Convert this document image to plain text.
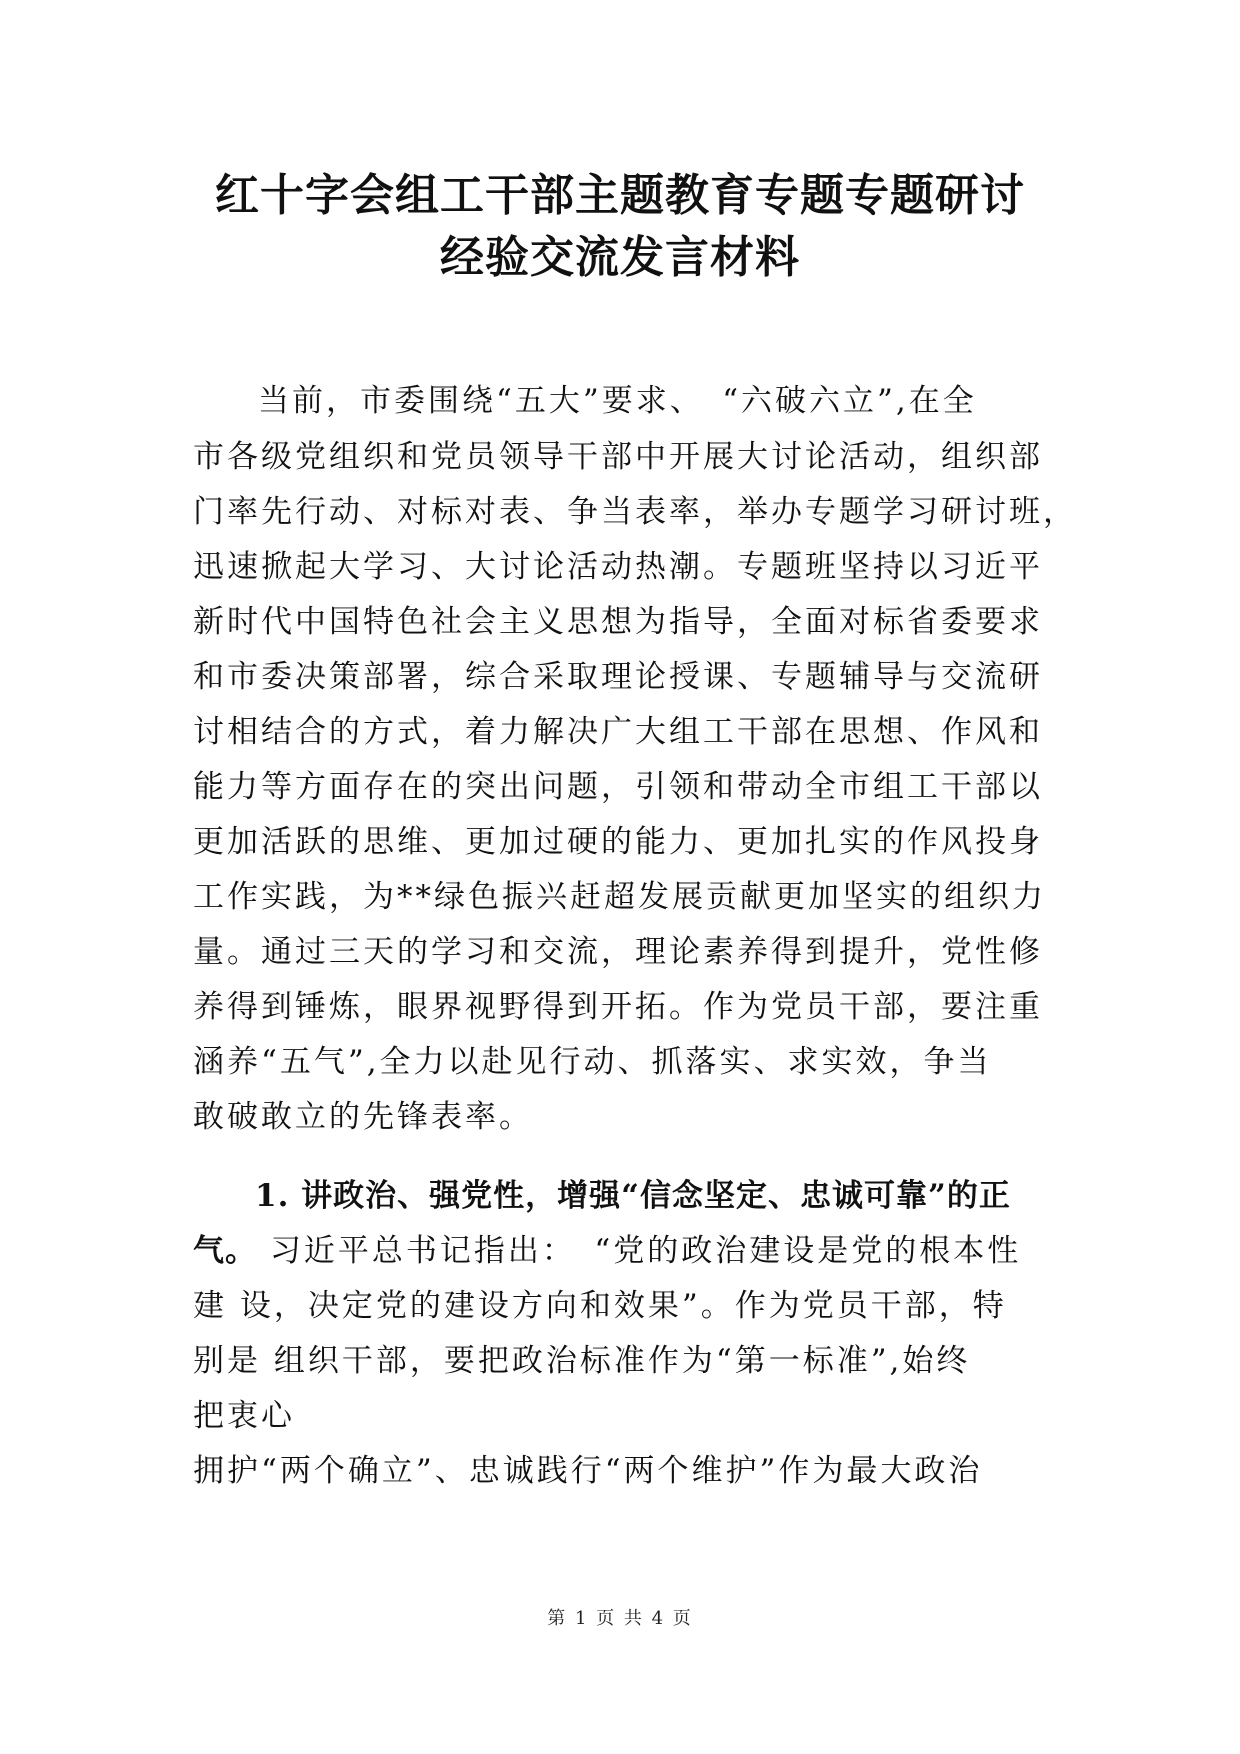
红十字会组工干部主题教育专题专题研讨
经验交流发言材料
当前，市委围绕“五大”要求、　“六破六立”,在全
市各级党组织和党员领导干部中开展大讨论活动，组织部
门率先行动、对标对表、争当表率，举办专题学习研讨班，
迅速掀起大学习、大讨论活动热潮。专题班坚持以习近平
新时代中国特色社会主义思想为指导，全面对标省委要求
和市委决策部署，综合采取理论授课、专题辅导与交流研
讨相结合的方式，着力解决广大组工干部在思想、作风和
能力等方面存在的突出问题，引领和带动全市组工干部以
更加活跃的思维、更加过硬的能力、更加扎实的作风投身
工作实践，为**绿色振兴赶超发展贡献更加坚实的组织力
量。通过三天的学习和交流，理论素养得到提升，党性修
养得到锤炼，眼界视野得到开拓。作为党员干部，要注重
涵养“五气”,全力以赴见行动、抓落实、求实效，争当
敢破敢立的先锋表率。
1. 讲政治、强党性，增强“信念坚定、忠诚可靠”的正
气。 习近平总书记指出：　“党的政治建设是党的根本性
建 设，决定党的建设方向和效果”。作为党员干部，特
别是 组织干部，要把政治标准作为“第一标准”,始终
把衷心
拥护“两个确立”、忠诚践行“两个维护”作为最大政治
第 1 页 共 4 页
